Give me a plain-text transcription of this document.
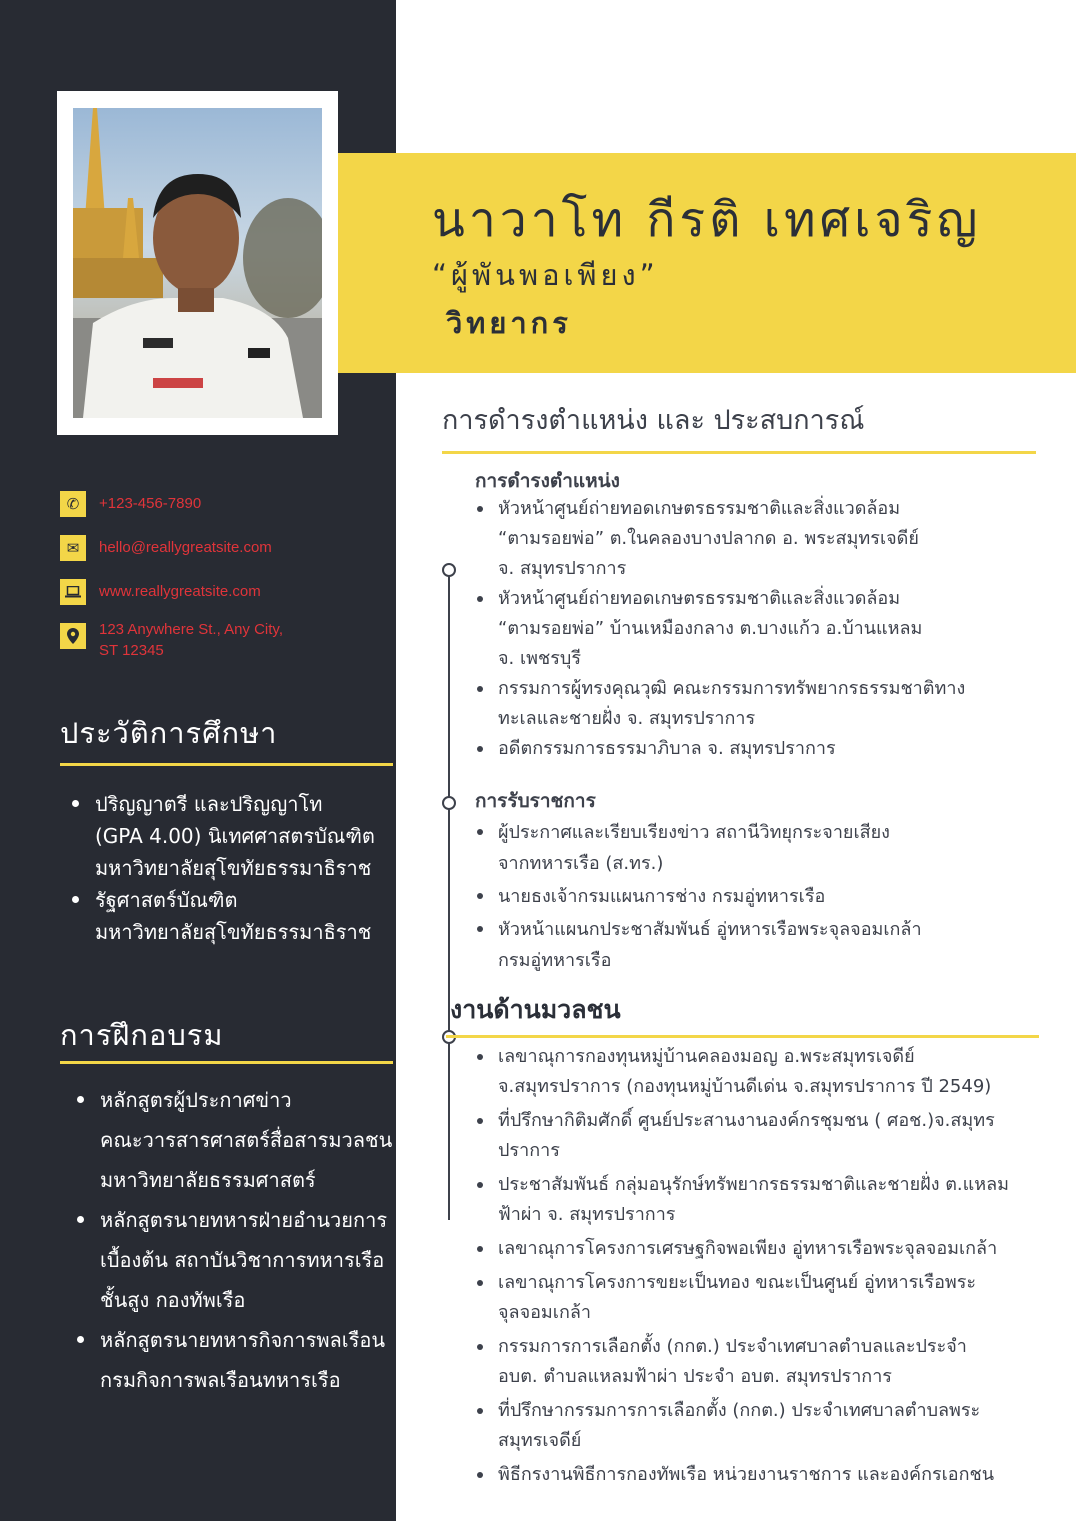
นาวาโท กีรติ เทศเจริญ
“ผู้พันพอเพียง”
วิทยากร
✆	+123-456-7890
✉	hello@reallygreatsite.com
www.reallygreatsite.com
123 Anywhere St., Any City,
ST 12345
ประวัติการศึกษา
ปริญญาตรี และปริญญาโท
(GPA 4.00) นิเทศศาสตรบัณฑิต
มหาวิทยาลัยสุโขทัยธรรมาธิราช
รัฐศาสตร์บัณฑิต
มหาวิทยาลัยสุโขทัยธรรมาธิราช
การฝึกอบรม
หลักสูตรผู้ประกาศข่าว
คณะวารสารศาสตร์สื่อสารมวลชน
มหาวิทยาลัยธรรมศาสตร์
หลักสูตรนายทหารฝ่ายอำนวยการ
เบื้องต้น สถาบันวิชาการทหารเรือ
ชั้นสูง กองทัพเรือ
หลักสูตรนายทหารกิจการพลเรือน
กรมกิจการพลเรือนทหารเรือ
การดำรงตำแหน่ง และ ประสบการณ์
การดำรงตำแหน่ง
หัวหน้าศูนย์ถ่ายทอดเกษตรธรรมชาติและสิ่งแวดล้อม
“ตามรอยพ่อ” ต.ในคลองบางปลากด อ. พระสมุทรเจดีย์
จ. สมุทรปราการ
หัวหน้าศูนย์ถ่ายทอดเกษตรธรรมชาติและสิ่งแวดล้อม
“ตามรอยพ่อ” บ้านเหมืองกลาง ต.บางแก้ว อ.บ้านแหลม
จ. เพชรบุรี
กรรมการผู้ทรงคุณวุฒิ คณะกรรมการทรัพยากรธรรมชาติทาง
ทะเลและชายฝั่ง จ. สมุทรปราการ
อดีตกรรมการธรรมาภิบาล จ. สมุทรปราการ
การรับราชการ
ผู้ประกาศและเรียบเรียงข่าว สถานีวิทยุกระจายเสียง
จากทหารเรือ (ส.ทร.)
นายธงเจ้ากรมแผนการช่าง กรมอู่ทหารเรือ
หัวหน้าแผนกประชาสัมพันธ์ อู่ทหารเรือพระจุลจอมเกล้า
กรมอู่ทหารเรือ
งานด้านมวลชน
เลขาณุการกองทุนหมู่บ้านคลองมอญ อ.พระสมุทรเจดีย์
จ.สมุทรปราการ (กองทุนหมู่บ้านดีเด่น จ.สมุทรปราการ ปี 2549)
ที่ปรึกษากิติมศักดิ์ ศูนย์ประสานงานองค์กรชุมชน ( ศอช.)จ.สมุทร
ปราการ
ประชาสัมพันธ์ กลุ่มอนุรักษ์ทรัพยากรธรรมชาติและชายฝั่ง ต.แหลม
ฟ้าผ่า จ. สมุทรปราการ
เลขาณุการโครงการเศรษฐกิจพอเพียง อู่ทหารเรือพระจุลจอมเกล้า
เลขาณุการโครงการขยะเป็นทอง ขณะเป็นศูนย์ อู่ทหารเรือพระ
จุลจอมเกล้า
กรรมการการเลือกตั้ง (กกต.) ประจำเทศบาลตำบลและประจำ
อบต. ตำบลแหลมฟ้าผ่า ประจำ อบต. สมุทรปราการ
ที่ปรึกษากรรมการการเลือกตั้ง (กกต.) ประจำเทศบาลตำบลพระ
สมุทรเจดีย์
พิธีกรงานพิธีการกองทัพเรือ หน่วยงานราชการ และองค์กรเอกชน
